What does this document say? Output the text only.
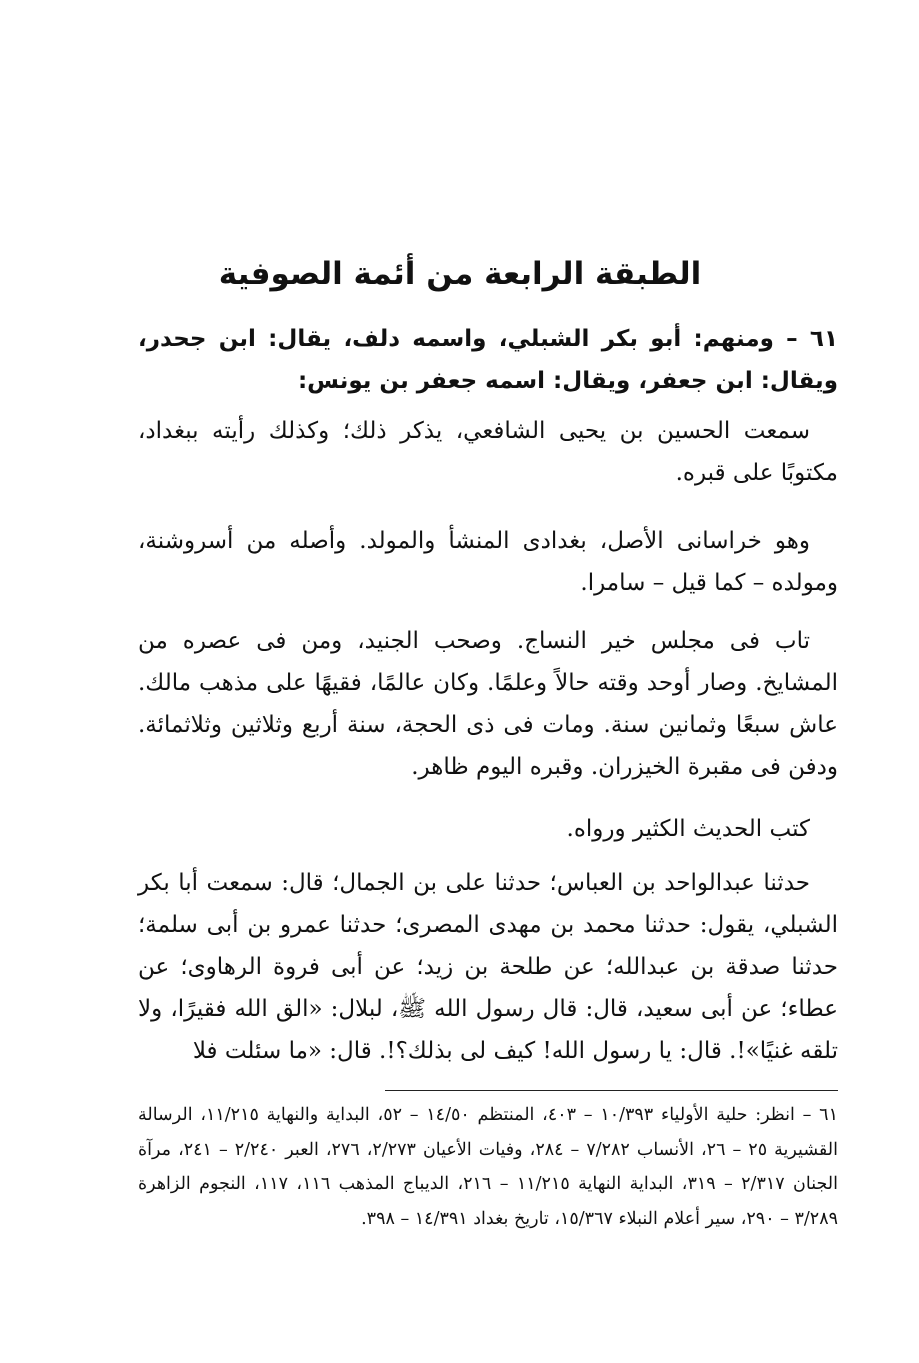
الطبقة الرابعة من أئمة الصوفية

٦١ – ومنهم: أبو بكر الشبلي، واسمه دلف، يقال: ابن جحدر، ويقال: ابن جعفر، ويقال: اسمه جعفر بن يونس:

سمعت الحسين بن يحيى الشافعي، يذكر ذلك؛ وكذلك رأيته ببغداد، مكتوبًا على قبره.

وهو خراسانى الأصل، بغدادى المنشأ والمولد. وأصله من أسروشنة، ومولده – كما قيل – سامرا.

تاب فى مجلس خير النساج. وصحب الجنيد، ومن فى عصره من المشايخ. وصار أوحد وقته حالاً وعلمًا. وكان عالمًا، فقيهًا على مذهب مالك. عاش سبعًا وثمانين سنة. ومات فى ذى الحجة، سنة أربع وثلاثين وثلاثمائة. ودفن فى مقبرة الخيزران. وقبره اليوم ظاهر.

كتب الحديث الكثير ورواه.

حدثنا عبدالواحد بن العباس؛ حدثنا على بن الجمال؛ قال: سمعت أبا بكر الشبلي، يقول: حدثنا محمد بن مهدى المصرى؛ حدثنا عمرو بن أبى سلمة؛ حدثنا صدقة بن عبدالله؛ عن طلحة بن زيد؛ عن أبى فروة الرهاوى؛ عن عطاء؛ عن أبى سعيد، قال: قال رسول الله ﷺ، لبلال: «الق الله فقيرًا، ولا تلقه غنيًا»!. قال: يا رسول الله! كيف لى بذلك؟!. قال: «ما سئلت فلا

٦١ – انظر: حلية الأولياء ١٠/٣٩٣ – ٤٠٣، المنتظم ١٤/٥٠ – ٥٢، البداية والنهاية ١١/٢١٥، الرسالة القشيرية ٢٥ – ٢٦، الأنساب ٧/٢٨٢ – ٢٨٤، وفيات الأعيان ٢/٢٧٣، ٢٧٦، العبر ٢/٢٤٠ – ٢٤١، مرآة الجنان ٢/٣١٧ – ٣١٩، البداية النهاية ١١/٢١٥ – ٢١٦، الديباج المذهب ١١٦، ١١٧، النجوم الزاهرة ٣/٢٨٩ – ٢٩٠، سير أعلام النبلاء ١٥/٣٦٧، تاريخ بغداد ١٤/٣٩١ – ٣٩٨.
